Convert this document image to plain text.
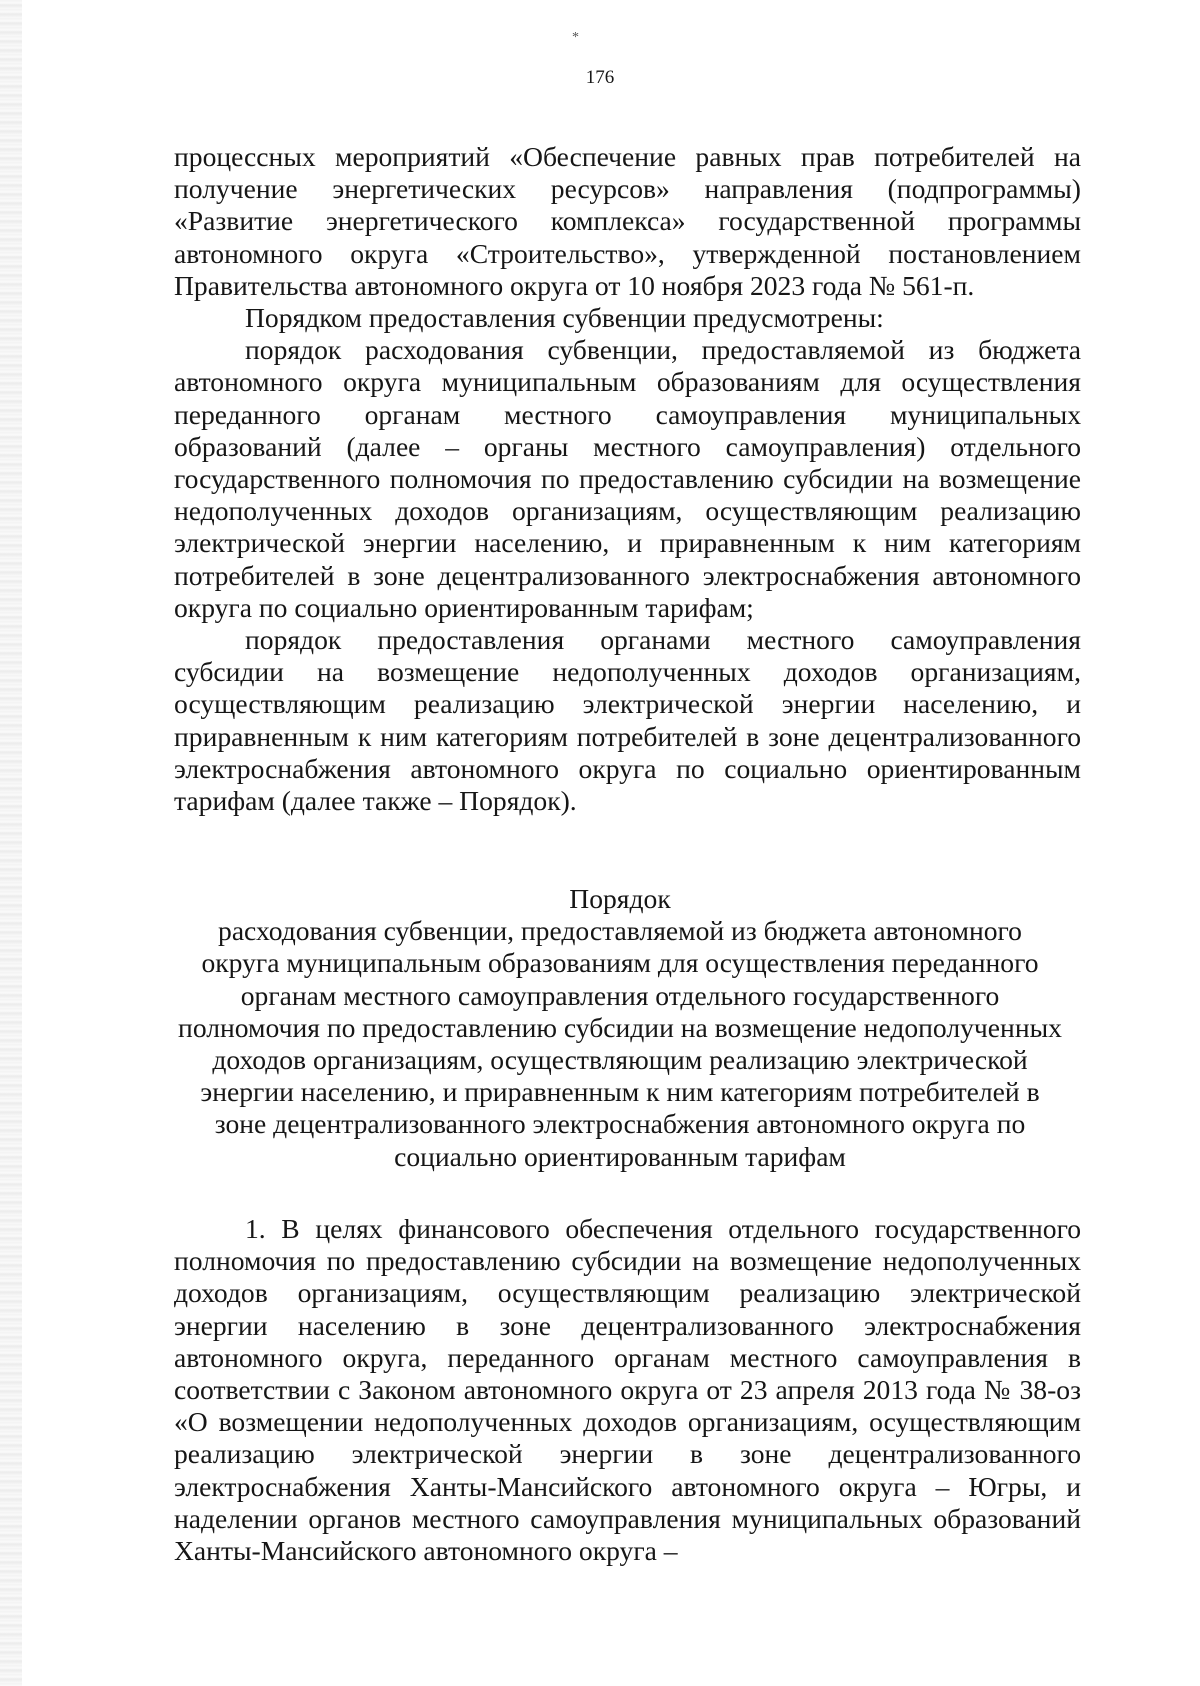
*
176

процессных мероприятий «Обеспечение равных прав потребителей на получение энергетических ресурсов» направления (подпрограммы) «Развитие энергетического комплекса» государственной программы автономного округа «Строительство», утвержденной постановлением Правительства автономного округа от 10 ноября 2023 года № 561-п.

Порядком предоставления субвенции предусмотрены:

порядок расходования субвенции, предоставляемой из бюджета автономного округа муниципальным образованиям для осуществления переданного органам местного самоуправления муниципальных образований (далее – органы местного самоуправления) отдельного государственного полномочия по предоставлению субсидии на возмещение недополученных доходов организациям, осуществляющим реализацию электрической энергии населению, и приравненным к ним категориям потребителей в зоне децентрализованного электроснабжения автономного округа по социально ориентированным тарифам;

порядок предоставления органами местного самоуправления субсидии на возмещение недополученных доходов организациям, осуществляющим реализацию электрической энергии населению, и приравненным к ним категориям потребителей в зоне децентрализованного электроснабжения автономного округа по социально ориентированным тарифам (далее также – Порядок).

Порядок
расходования субвенции, предоставляемой из бюджета автономного
округа муниципальным образованиям для осуществления переданного
органам местного самоуправления отдельного государственного
полномочия по предоставлению субсидии на возмещение недополученных
доходов организациям, осуществляющим реализацию электрической
энергии населению, и приравненным к ним категориям потребителей в
зоне децентрализованного электроснабжения автономного округа по
социально ориентированным тарифам

1. В целях финансового обеспечения отдельного государственного полномочия по предоставлению субсидии на возмещение недополученных доходов организациям, осуществляющим реализацию электрической энергии населению в зоне децентрализованного электроснабжения автономного округа, переданного органам местного самоуправления в соответствии с Законом автономного округа от 23 апреля 2013 года № 38-оз «О возмещении недополученных доходов организациям, осуществляющим реализацию электрической энергии в зоне децентрализованного электроснабжения Ханты-Мансийского автономного округа – Югры, и наделении органов местного самоуправления муниципальных образований Ханты-Мансийского автономного округа –
